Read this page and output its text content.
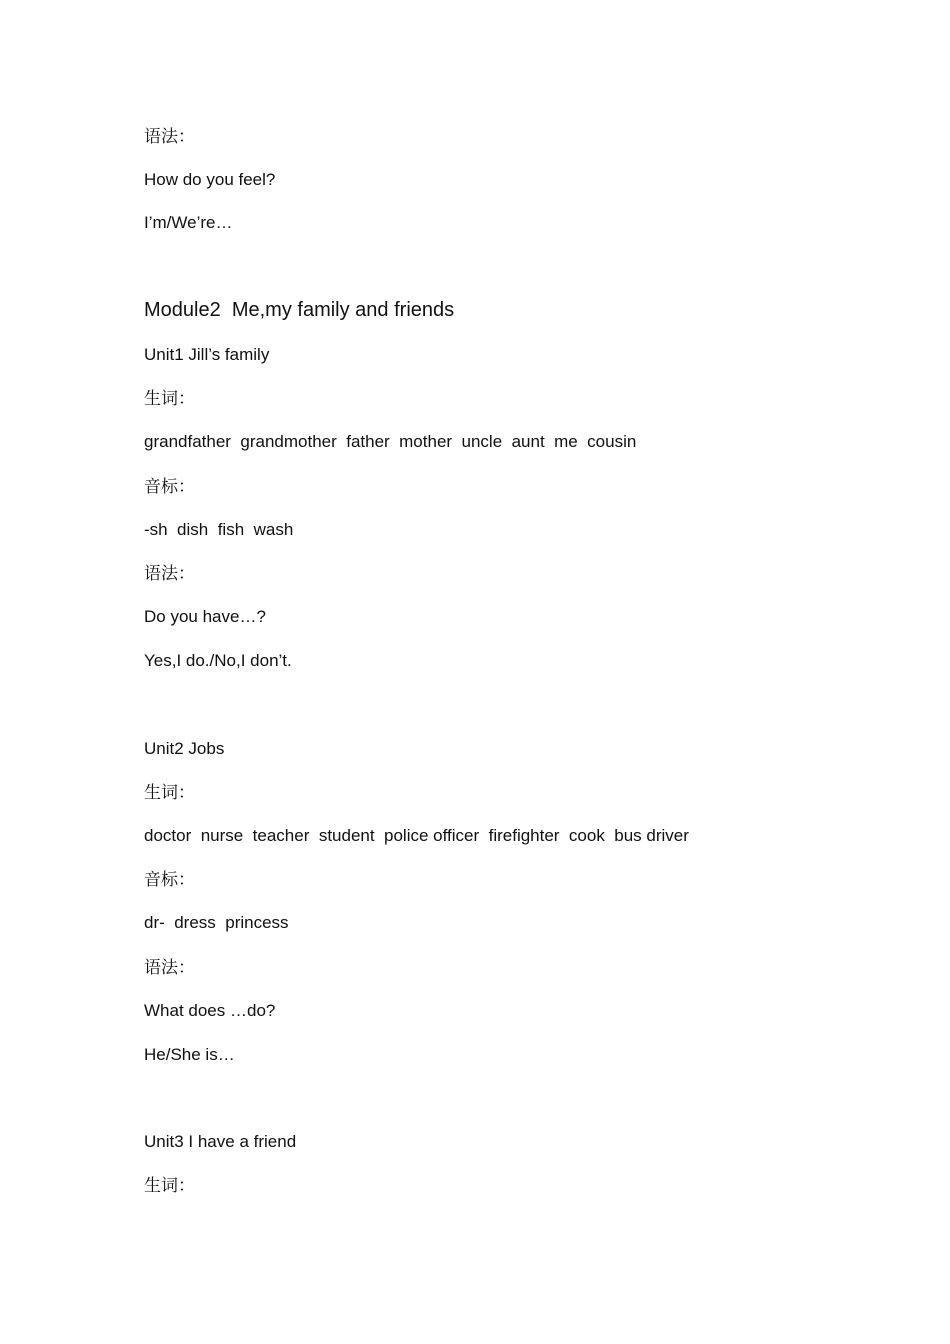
语法：
How do you feel?
I’m/We’re…
Module2  Me,my family and friends
Unit1 Jill’s family
生词：
grandfather  grandmother  father  mother  uncle  aunt  me  cousin
音标：
-sh  dish  fish  wash
语法：
Do you have…?
Yes,I do./No,I don’t.
Unit2 Jobs
生词：
doctor  nurse  teacher  student  police officer  firefighter  cook  bus driver
音标：
dr-  dress  princess
语法：
What does …do?
He/She is…
Unit3 I have a friend
生词：
